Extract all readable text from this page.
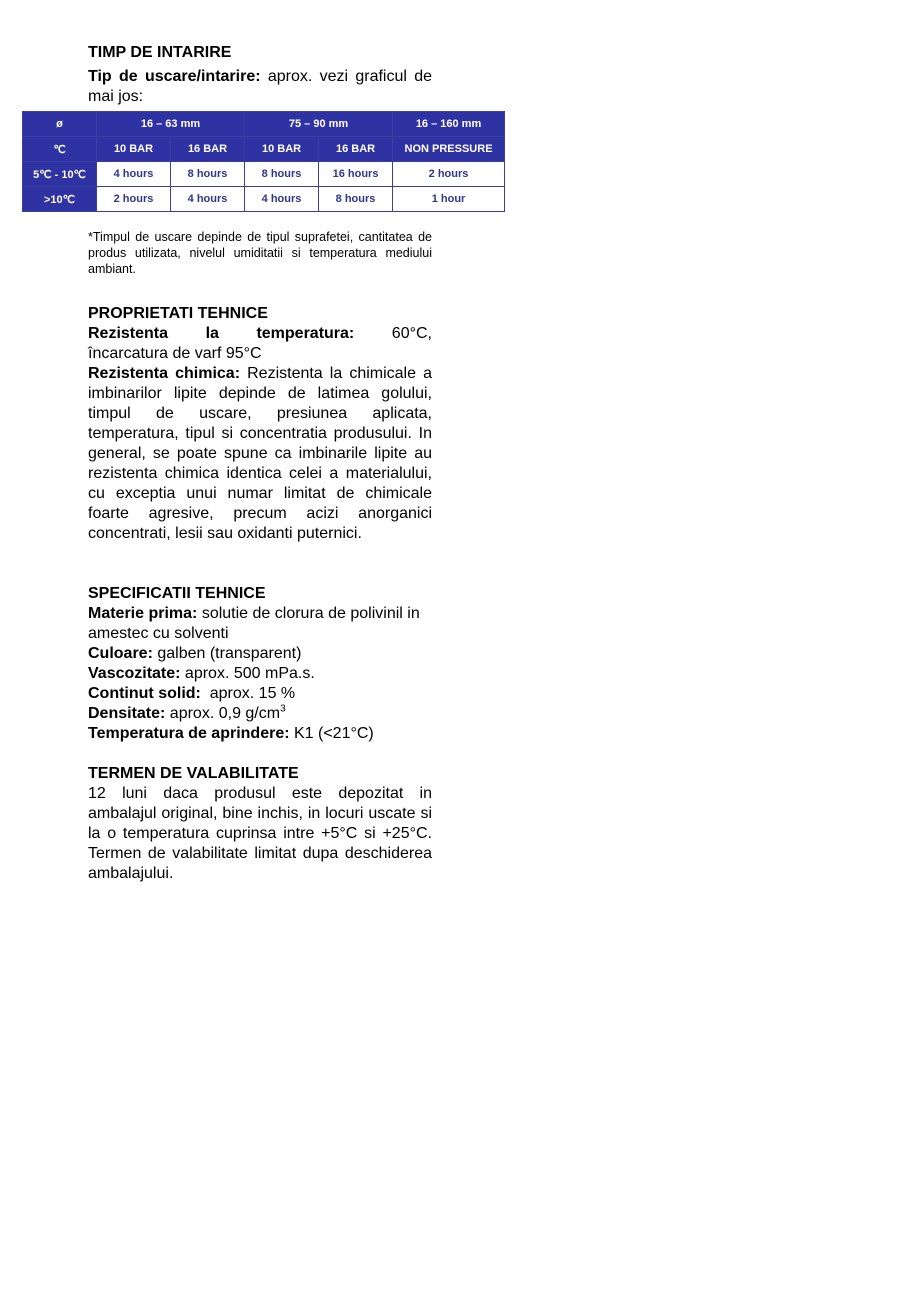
TIMP DE INTARIRE

Tip de uscare/intarire: aprox. vezi graficul de mai jos:

ø	16 – 63 mm		75 – 90 mm		16 – 160 mm
℃	10 BAR	16 BAR	10 BAR	16 BAR	NON PRESSURE
5℃ - 10℃	4 hours	8 hours	8 hours	16 hours	2 hours
>10℃	2 hours	4 hours	4 hours	8 hours	1 hour

*Timpul de uscare depinde de tipul suprafetei, cantitatea de produs utilizata, nivelul umiditatii si temperatura mediului ambiant.

PROPRIETATI TEHNICE

Rezistenta la temperatura: 60°C,

încarcatura de varf 95°C

Rezistenta chimica: Rezistenta la chimicale a imbinarilor lipite depinde de latimea golului, timpul de uscare, presiunea aplicata, temperatura, tipul si concentratia produsului. In general, se poate spune ca imbinarile lipite au rezistenta chimica identica celei a materialului, cu exceptia unui numar limitat de chimicale foarte agresive, precum acizi anorganici concentrati, lesii sau oxidanti puternici.

SPECIFICATII TEHNICE

Materie prima: solutie de clorura de polivinil in amestec cu solventi

Culoare: galben (transparent)

Vascozitate: aprox. 500 mPa.s.

Continut solid:  aprox. 15 %

Densitate: aprox. 0,9 $g/cm^3$

Temperatura de aprindere: K1 (<21°C)

TERMEN DE VALABILITATE

12 luni daca produsul este depozitat in ambalajul original, bine inchis, in locuri uscate si la o temperatura cuprinsa intre +5°C si +25°C. Termen de valabilitate limitat dupa deschiderea ambalajului.
